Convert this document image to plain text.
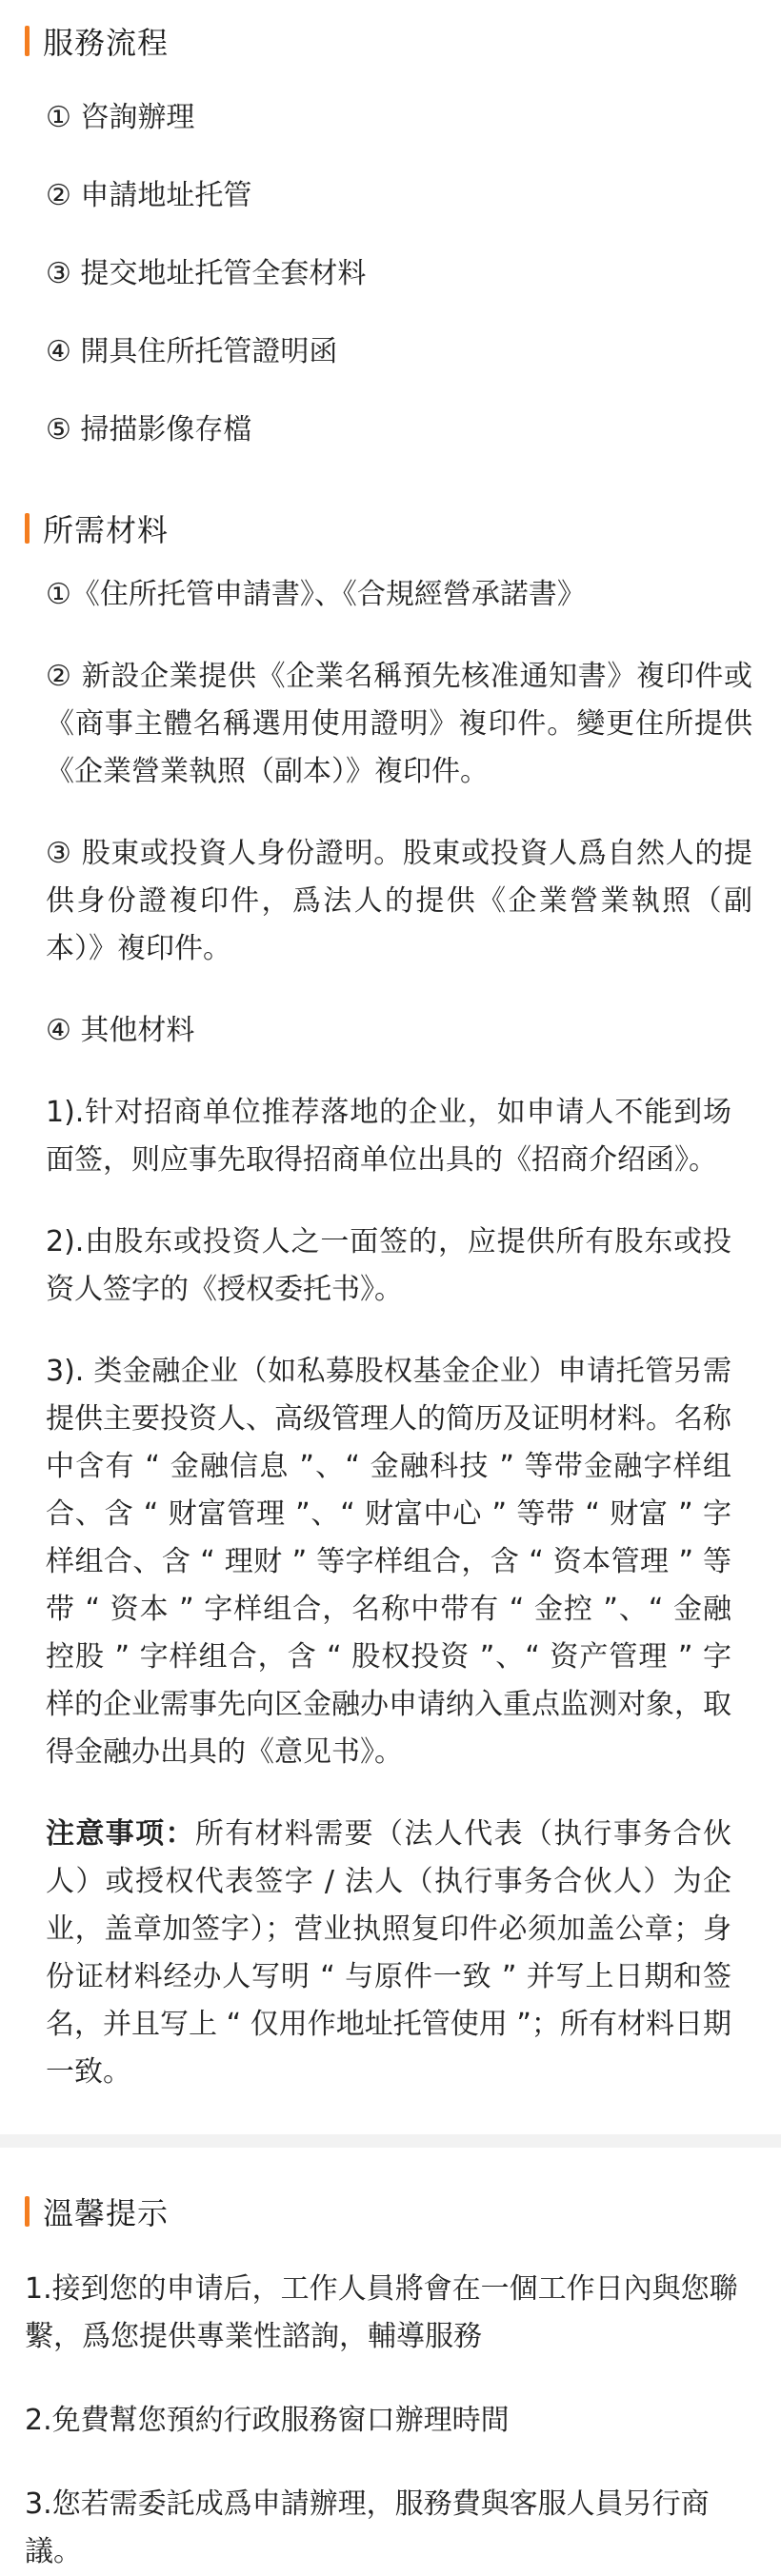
服務流程
① 咨詢辦理
② 申請地址托管
③ 提交地址托管全套材料
④ 開具住所托管證明函
⑤ 掃描影像存檔
所需材料
①《住所托管申請書》、《合規經營承諾書》
② 新設企業提供《企業名稱預先核准通知書》複印件或《商事主體名稱選用使用證明》複印件。變更住所提供《企業營業執照（副本）》複印件。
③ 股東或投資人身份證明。股東或投資人爲自然人的提供身份證複印件，爲法人的提供《企業營業執照（副本）》複印件。
④ 其他材料
1).针对招商单位推荐落地的企业，如申请人不能到场面签，则应事先取得招商单位出具的《招商介绍函》。
2).由股东或投资人之一面签的，应提供所有股东或投资人签字的《授权委托书》。
3). 类金融企业（如私募股权基金企业）申请托管另需提供主要投资人、高级管理人的简历及证明材料。名称中含有 “ 金融信息 ”、“ 金融科技 ” 等带金融字样组合、含 “ 财富管理 ”、“ 财富中心 ” 等带 “ 财富 ” 字样组合、含 “ 理财 ” 等字样组合，含 “ 资本管理 ” 等带 “ 资本 ” 字样组合，名称中带有 “ 金控 ”、“ 金融控股 ” 字样组合，含 “ 股权投资 ”、“ 资产管理 ” 字样的企业需事先向区金融办申请纳入重点监测对象，取得金融办出具的《意见书》。
注意事项：所有材料需要（法人代表（执行事务合伙人）或授权代表签字 / 法人（执行事务合伙人）为企业，盖章加签字）；营业执照复印件必须加盖公章；身份证材料经办人写明 “ 与原件一致 ” 并写上日期和签名，并且写上 “ 仅用作地址托管使用 ”；所有材料日期一致。
溫馨提示
1.接到您的申请后，工作人員將會在一個工作日內與您聯繫，爲您提供專業性諮詢，輔導服務
2.免費幫您預約行政服務窗口辦理時間
3.您若需委託成爲申請辦理，服務費與客服人員另行商議。
